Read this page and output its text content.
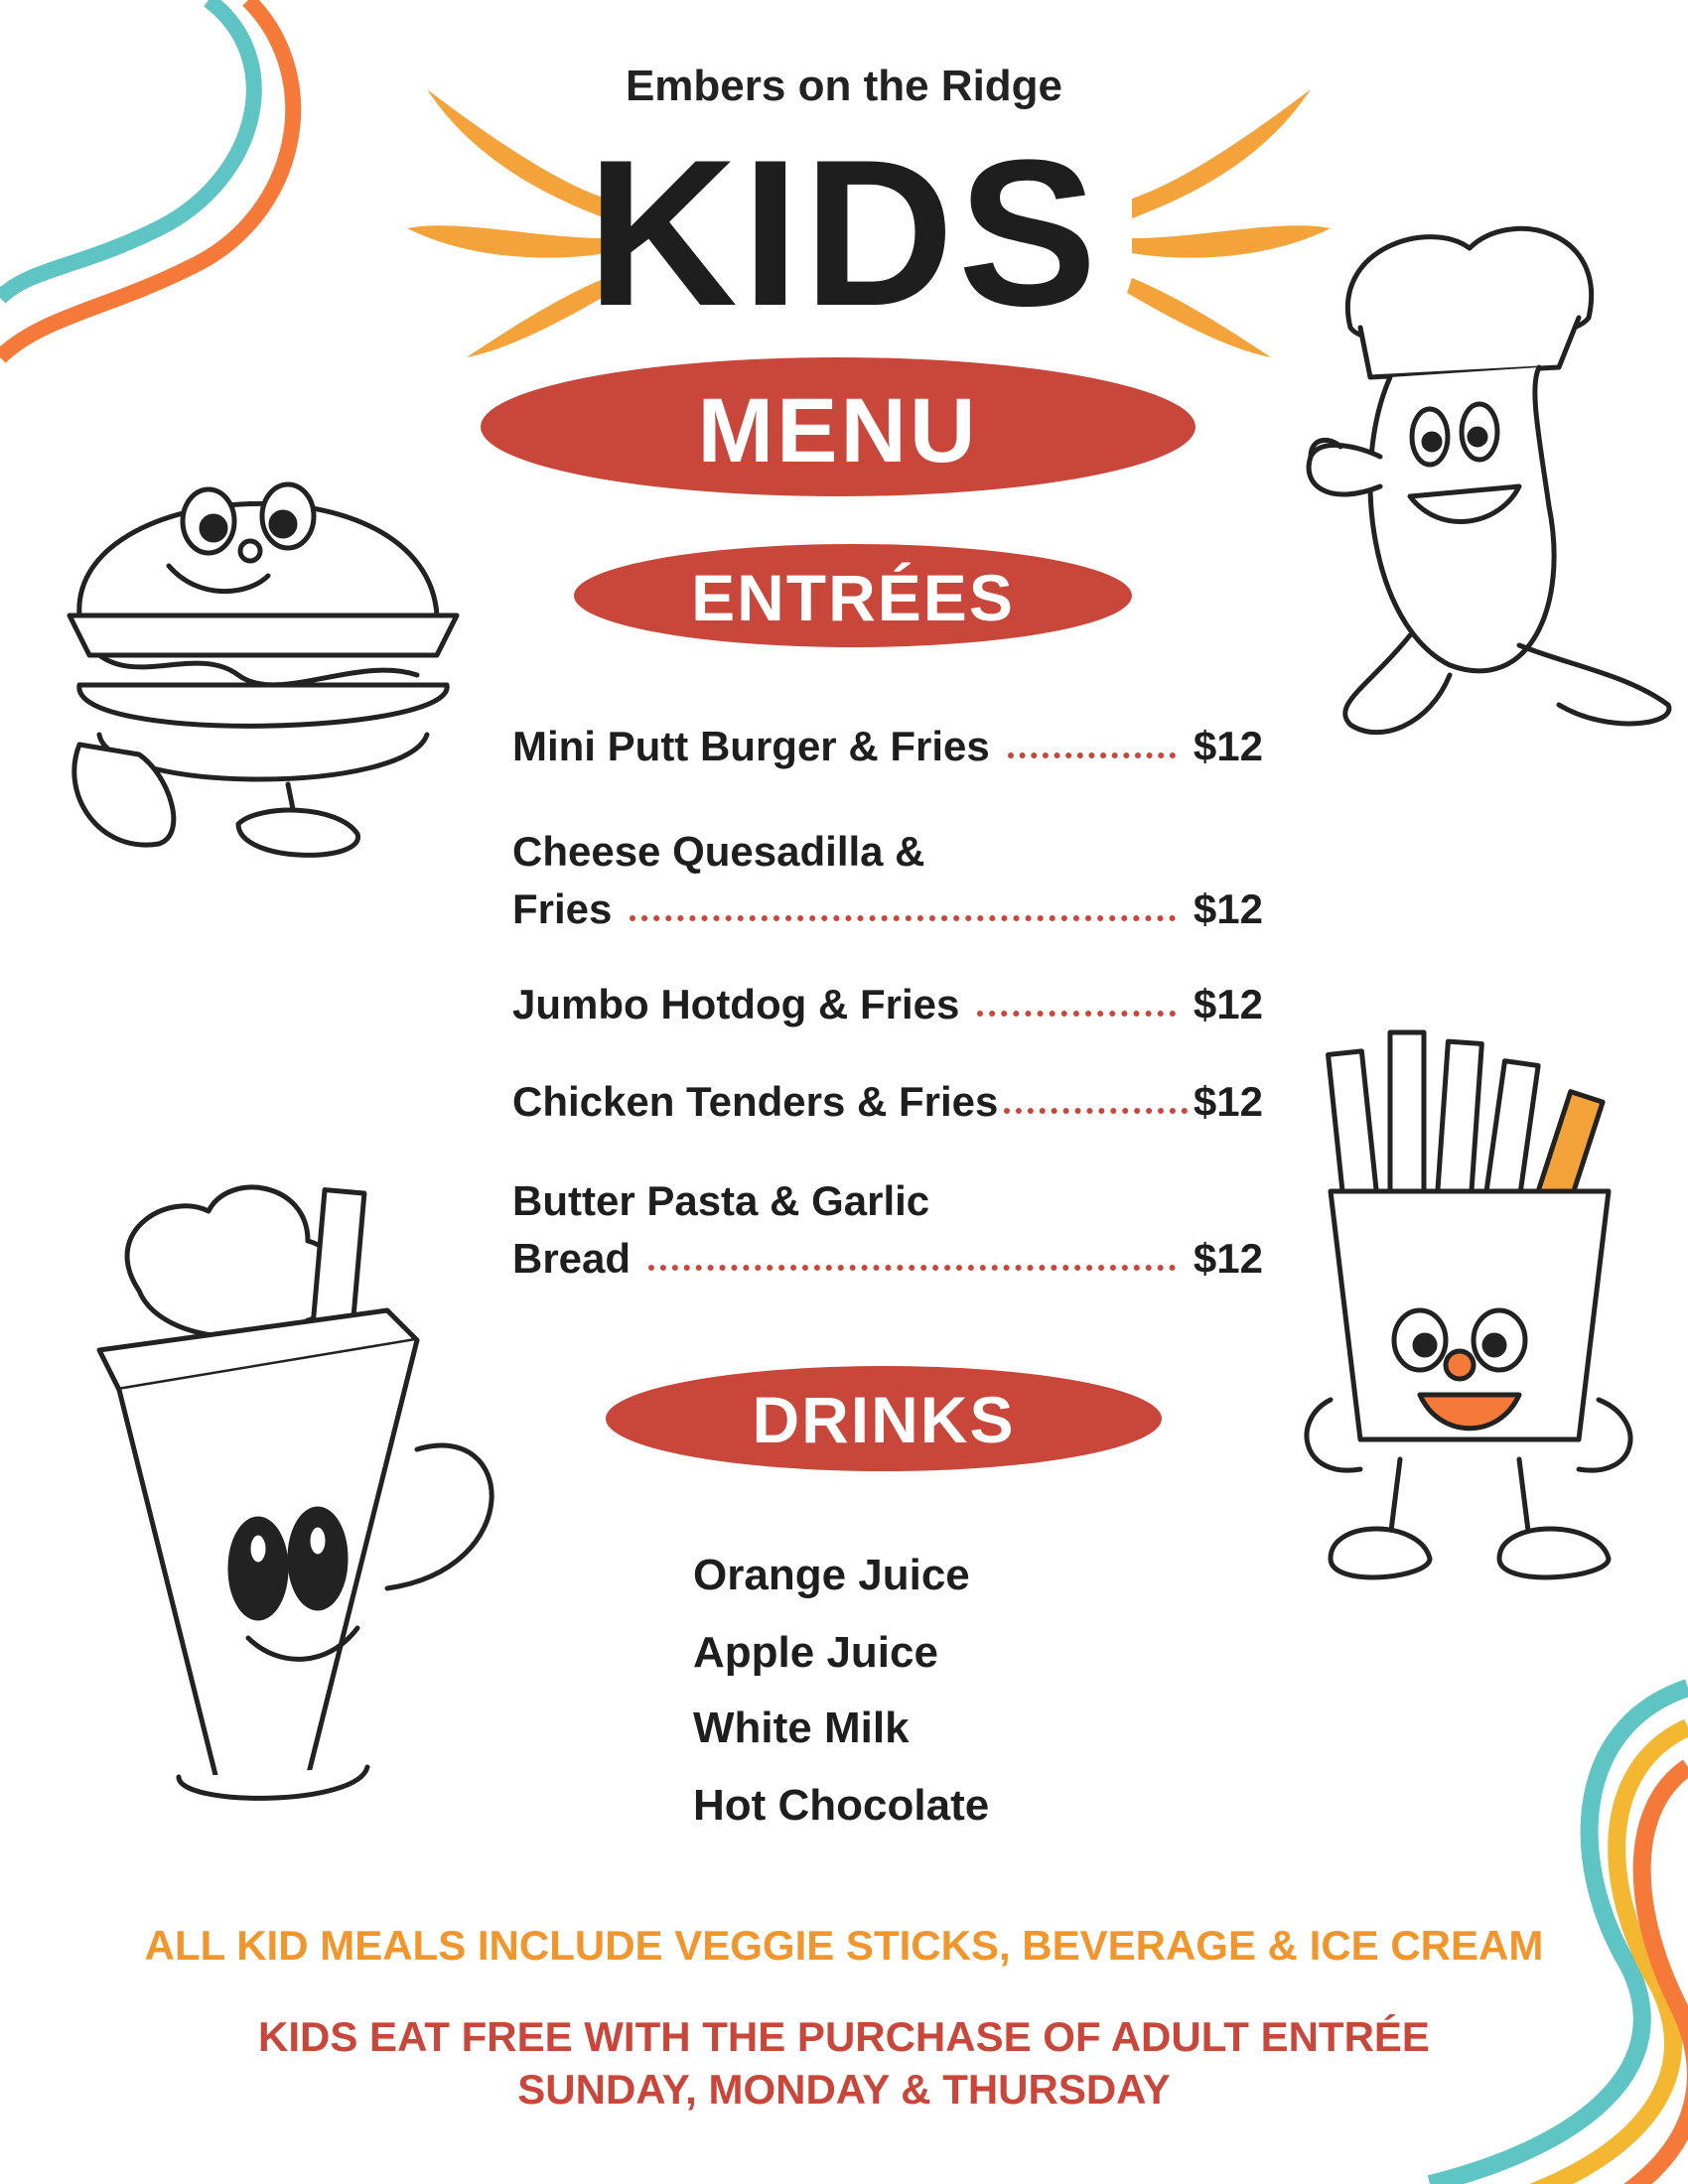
Embers on the Ridge
KIDS
MENU
ENTRÉES
Mini Putt Burger & Fries	$12
Cheese Quesadilla &
Fries	$12
Jumbo Hotdog & Fries	$12
Chicken Tenders & Fries	$12
Butter Pasta & Garlic
Bread	$12
DRINKS
Orange Juice
Apple Juice
White Milk
Hot Chocolate
ALL KID MEALS INCLUDE VEGGIE STICKS, BEVERAGE & ICE CREAM
KIDS EAT FREE WITH THE PURCHASE OF ADULT ENTRÉE
SUNDAY, MONDAY & THURSDAY
